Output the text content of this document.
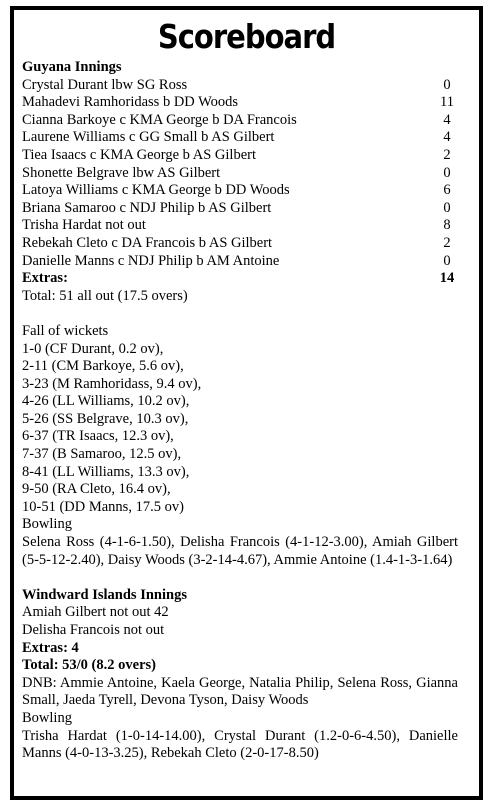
Scoreboard
Guyana Innings
Crystal Durant lbw SG Ross	0
Mahadevi Ramhoridass b DD Woods	11
Cianna Barkoye c KMA George b DA Francois	4
Laurene Williams c GG Small b AS Gilbert	4
Tiea Isaacs c KMA George b AS Gilbert	2
Shonette Belgrave lbw AS Gilbert	0
Latoya Williams c KMA George b DD Woods	6
Briana Samaroo c NDJ Philip b AS Gilbert	0
Trisha Hardat not out	8
Rebekah Cleto c DA Francois b AS Gilbert	2
Danielle Manns c NDJ Philip b AM Antoine	0
Extras:	14
Total: 51 all out (17.5 overs)
Fall of wickets
1-0 (CF Durant, 0.2 ov),
2-11 (CM Barkoye, 5.6 ov),
3-23 (M Ramhoridass, 9.4 ov),
4-26 (LL Williams, 10.2 ov),
5-26 (SS Belgrave, 10.3 ov),
6-37 (TR Isaacs, 12.3 ov),
7-37 (B Samaroo, 12.5 ov),
8-41 (LL Williams, 13.3 ov),
9-50 (RA Cleto, 16.4 ov),
10-51 (DD Manns, 17.5 ov)
Bowling
Selena Ross (4-1-6-1.50), Delisha Francois (4-1-12-3.00), Amiah Gilbert (5-5-12-2.40), Daisy Woods (3-2-14-4.67), Ammie Antoine (1.4-1-3-1.64)
Windward Islands Innings
Amiah Gilbert not out 42
Delisha Francois not out
Extras: 4
Total: 53/0 (8.2 overs)
DNB: Ammie Antoine, Kaela George, Natalia Philip, Selena Ross, Gianna Small, Jaeda Tyrell, Devona Tyson, Daisy Woods
Bowling
Trisha Hardat (1-0-14-14.00), Crystal Durant (1.2-0-6-4.50), Danielle Manns (4-0-13-3.25), Rebekah Cleto (2-0-17-8.50)
